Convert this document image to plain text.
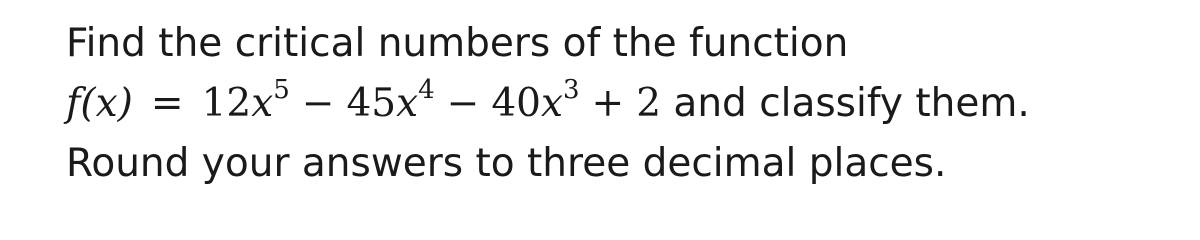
Find the critical numbers of the function
$f(x) = 12x^5 - 45x^4 - 40x^3 + 2$ and classify them.
Round your answers to three decimal places.
